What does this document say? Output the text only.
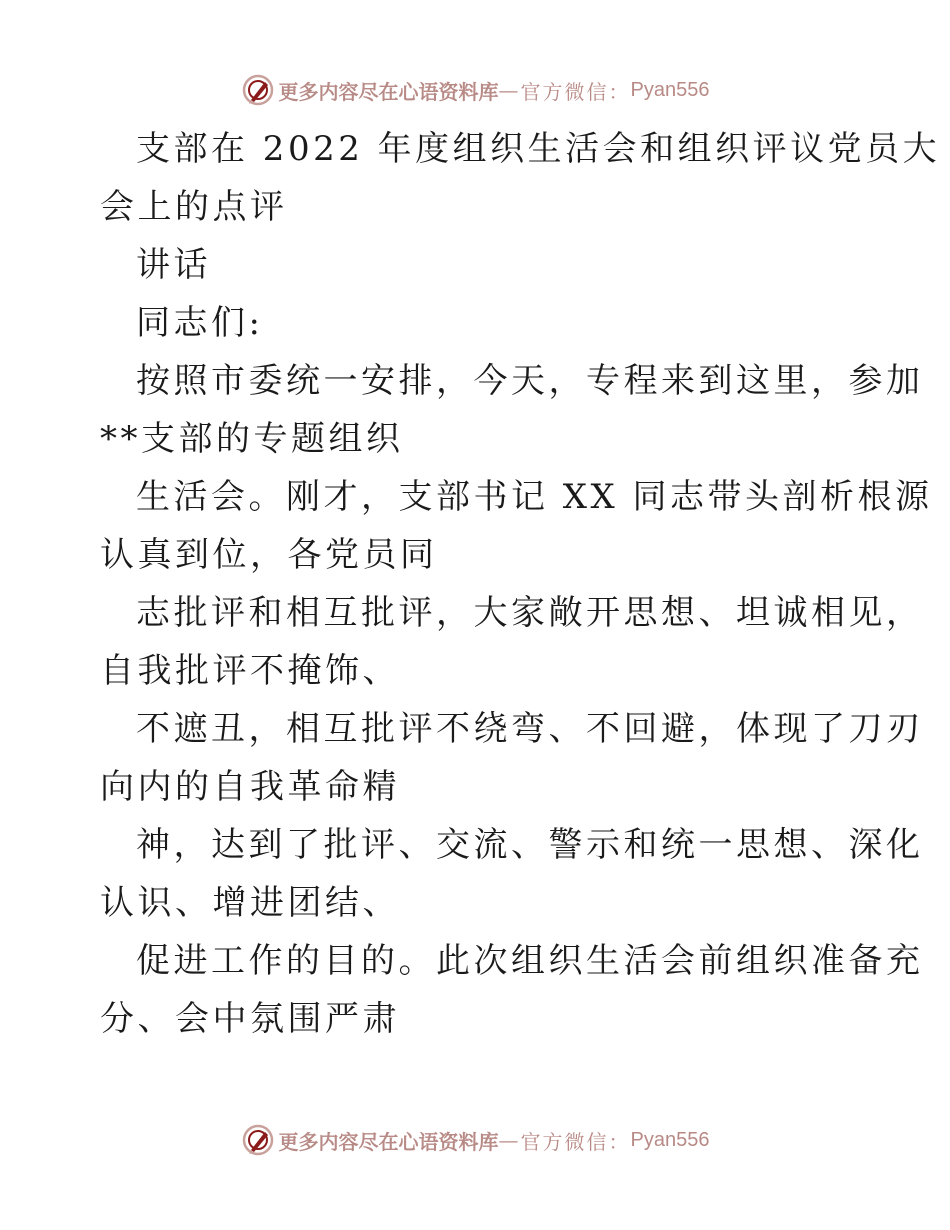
更多内容尽在心语资料库 — 官方微信： Pyan556
支部在 2022 年度组织生活会和组织评议党员大
会上的点评
讲话
同志们:
按照市委统一安排，今天，专程来到这里，参加
**支部的专题组织
生活会。刚才，支部书记 XX 同志带头剖析根源
认真到位，各党员同
志批评和相互批评，大家敞开思想、坦诚相见，
自我批评不掩饰、
不遮丑，相互批评不绕弯、不回避，体现了刀刃
向内的自我革命精
神，达到了批评、交流、警示和统一思想、深化
认识、增进团结、
促进工作的目的。此次组织生活会前组织准备充
分、会中氛围严肃
更多内容尽在心语资料库 — 官方微信： Pyan556
